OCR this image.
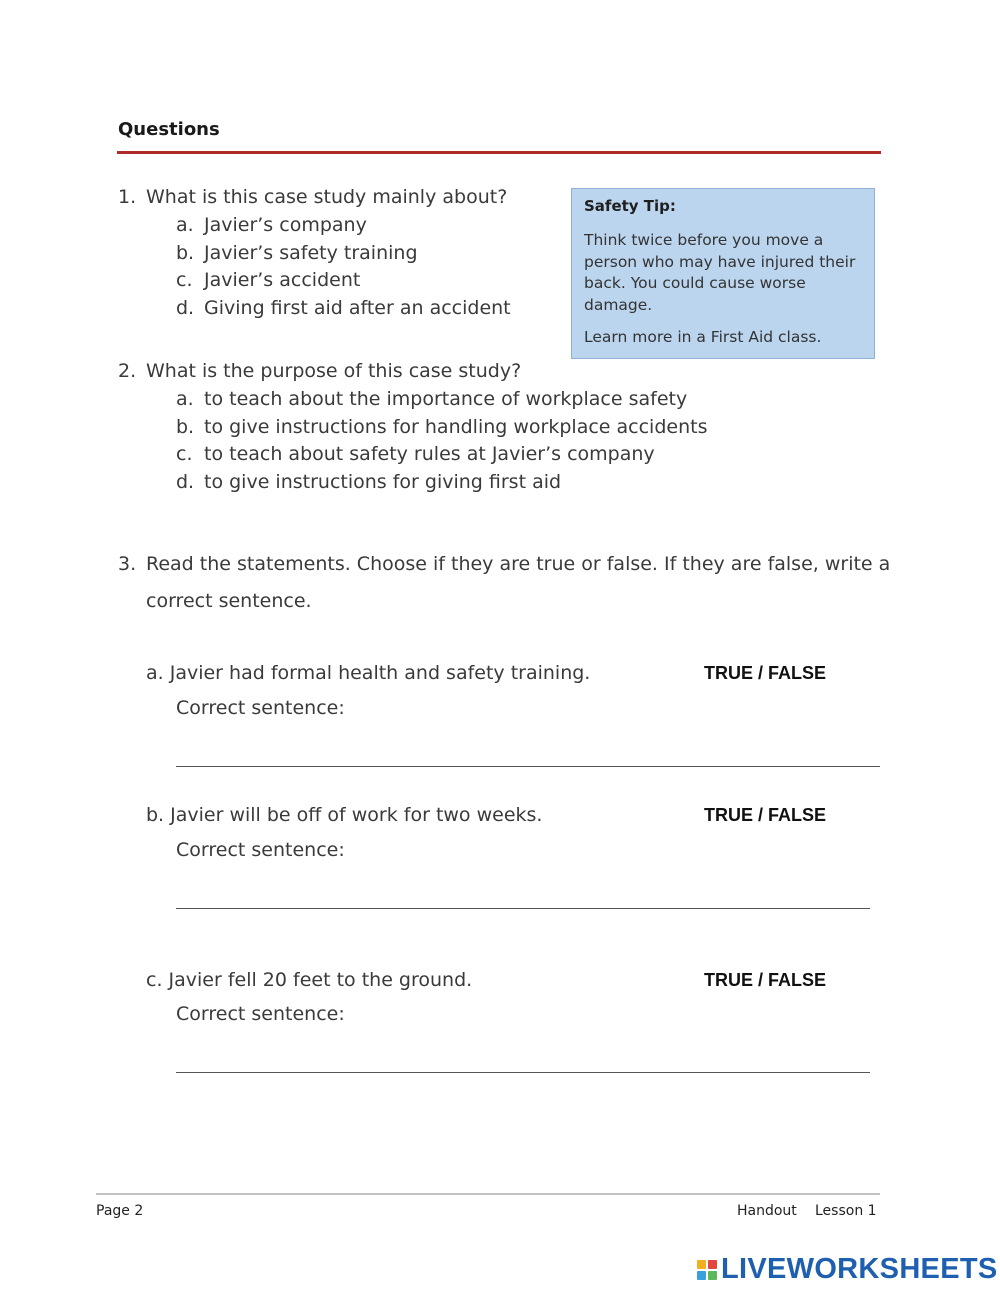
Questions
1. What is this case study mainly about?
a. Javier’s company
b. Javier’s safety training
c. Javier’s accident
d. Giving first aid after an accident
Safety Tip:
Think twice before you move a person who may have injured their back. You could cause worse damage.
Learn more in a First Aid class.
2. What is the purpose of this case study?
a. to teach about the importance of workplace safety
b. to give instructions for handling workplace accidents
c. to teach about safety rules at Javier’s company
d. to give instructions for giving first aid
3. Read the statements. Choose if they are true or false. If they are false, write a
correct sentence.
a. Javier had formal health and safety training.	TRUE / FALSE
Correct sentence:
b. Javier will be off of work for two weeks.	TRUE / FALSE
Correct sentence:
c. Javier fell 20 feet to the ground.	TRUE / FALSE
Correct sentence:
Page 2	Handout Lesson 1
LIVEWORKSHEETS
